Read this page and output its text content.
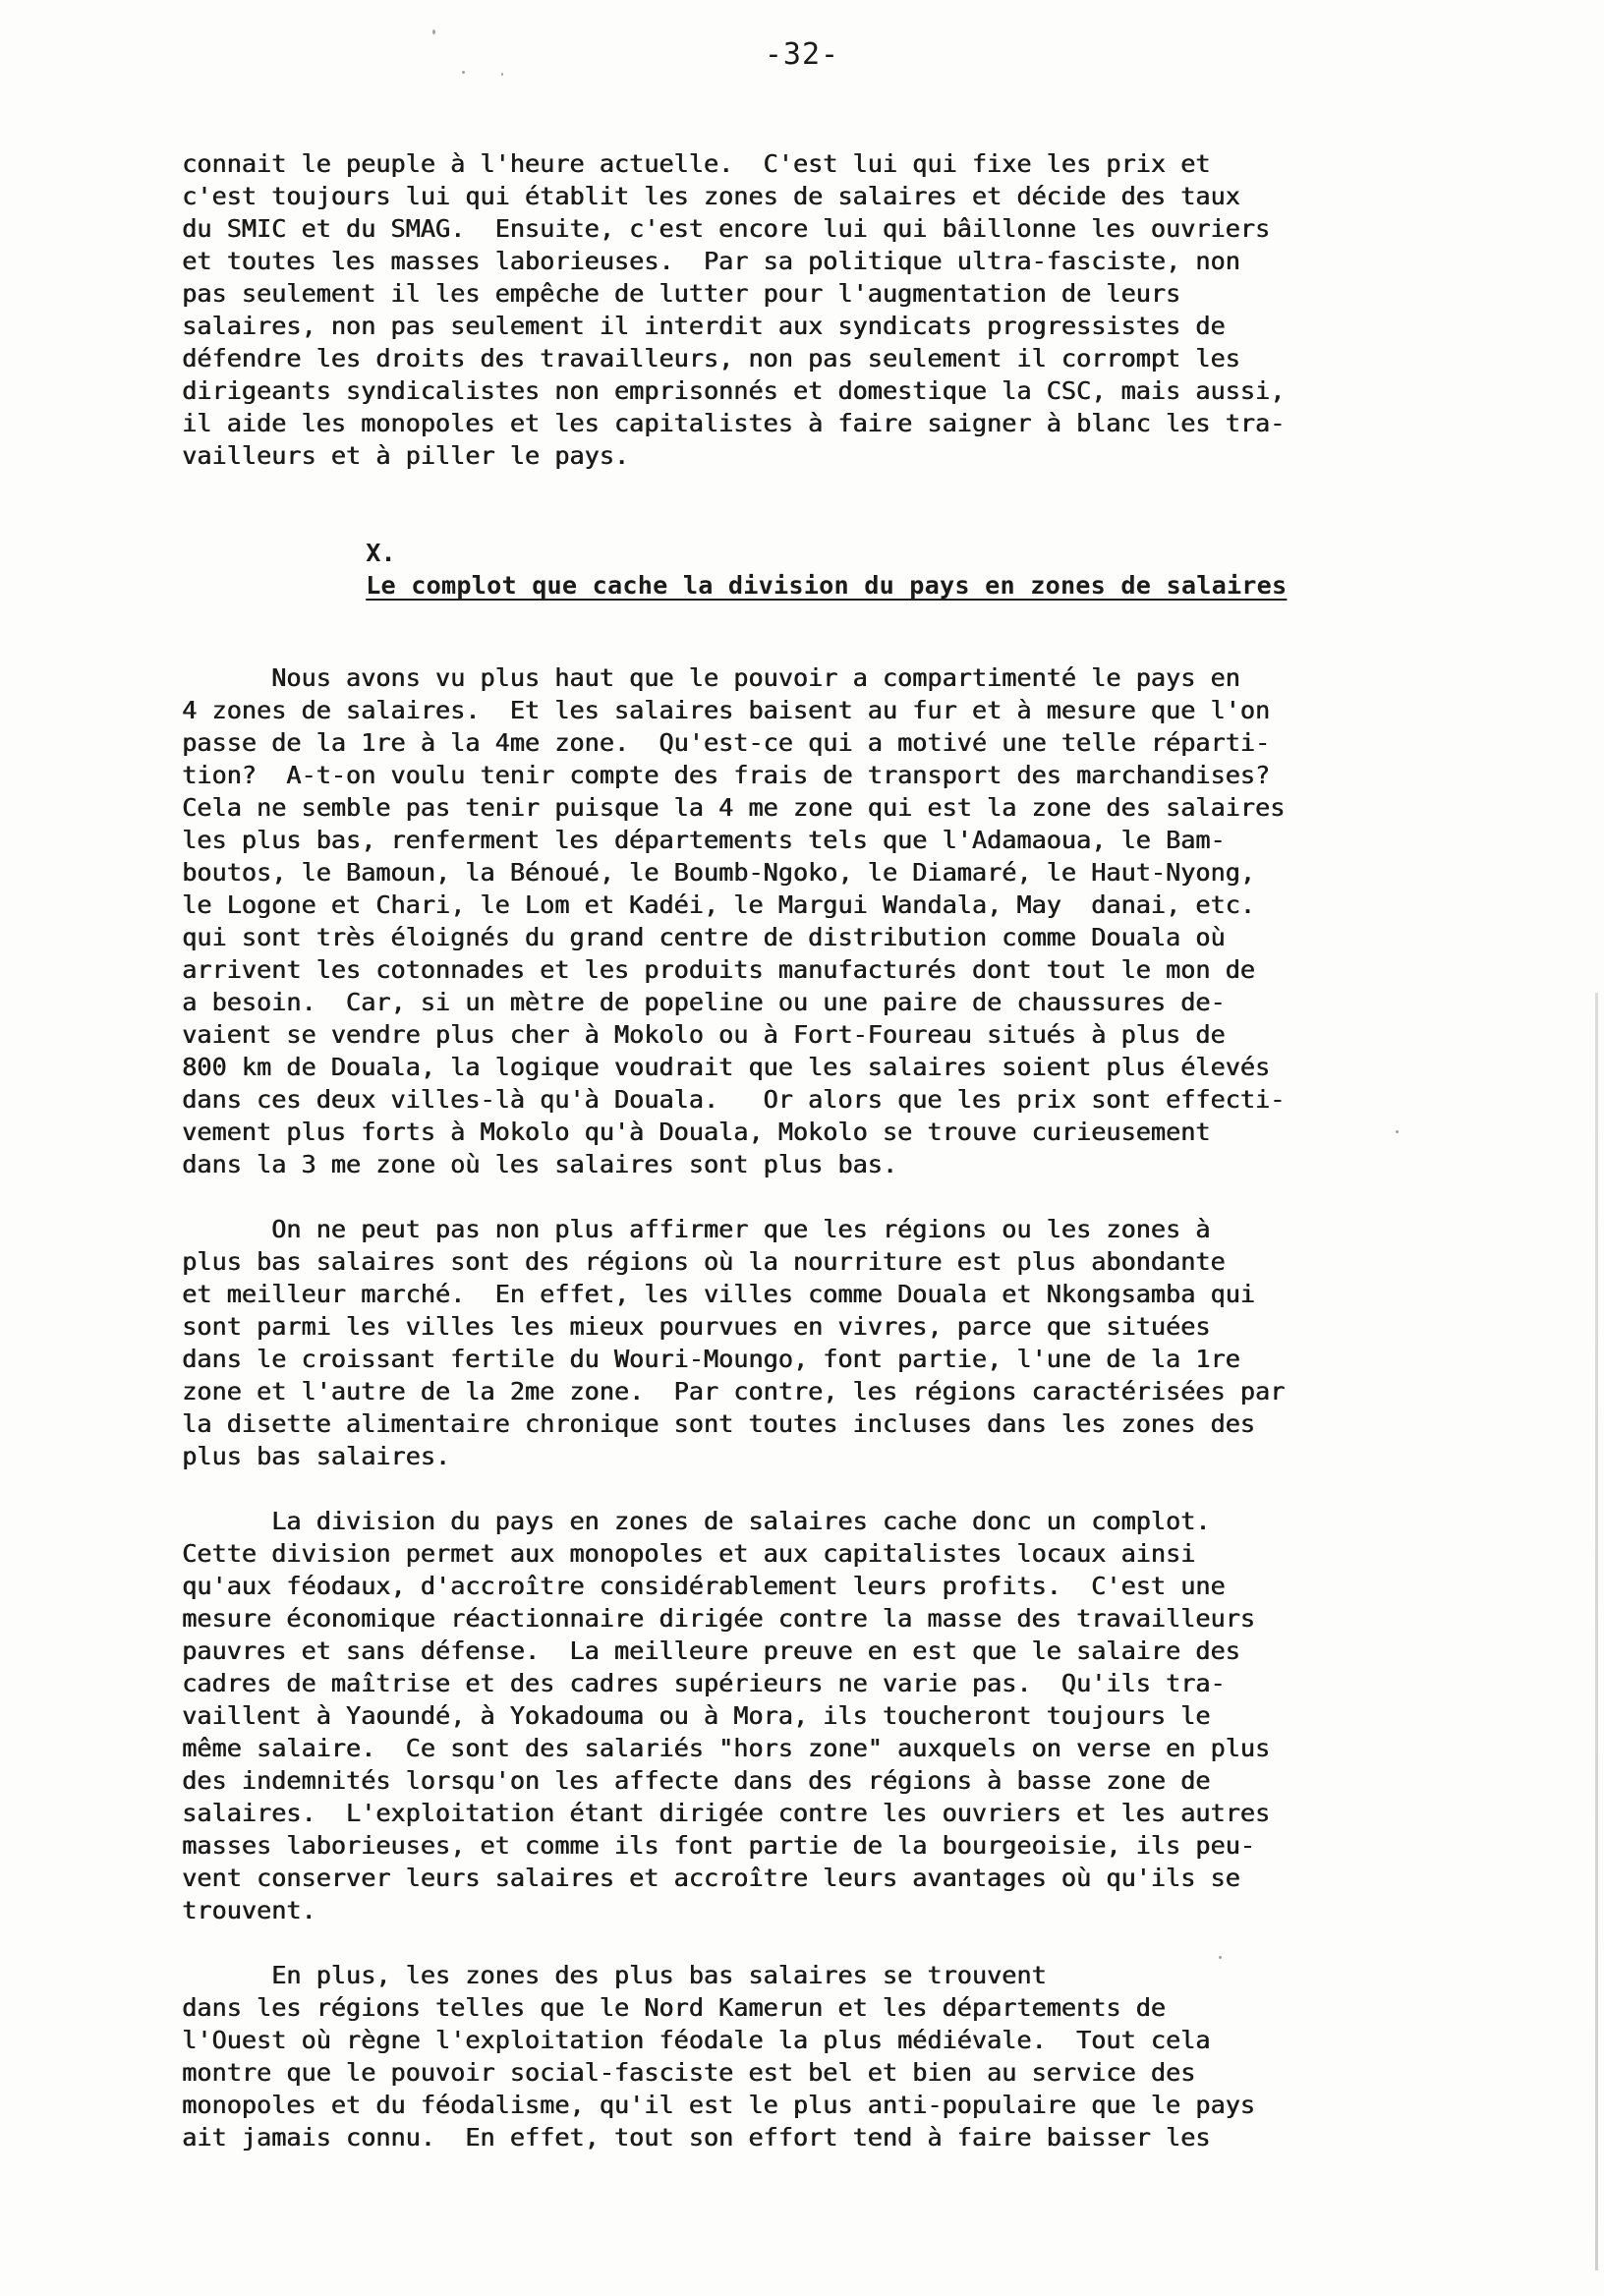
-32-
connait le peuple à l'heure actuelle.  C'est lui qui fixe les prix et
c'est toujours lui qui établit les zones de salaires et décide des taux
du SMIC et du SMAG.  Ensuite, c'est encore lui qui bâillonne les ouvriers
et toutes les masses laborieuses.  Par sa politique ultra-fasciste, non
pas seulement il les empêche de lutter pour l'augmentation de leurs
salaires, non pas seulement il interdit aux syndicats progressistes de
défendre les droits des travailleurs, non pas seulement il corrompt les
dirigeants syndicalistes non emprisonnés et domestique la CSC, mais aussi,
il aide les monopoles et les capitalistes à faire saigner à blanc les tra-
vailleurs et à piller le pays.

X.
Le complot que cache la division du pays en zones de salaires

Nous avons vu plus haut que le pouvoir a compartimenté le pays en
4 zones de salaires.  Et les salaires baisent au fur et à mesure que l'on
passe de la 1re à la 4me zone.  Qu'est-ce qui a motivé une telle réparti-
tion?  A-t-on voulu tenir compte des frais de transport des marchandises?
Cela ne semble pas tenir puisque la 4 me zone qui est la zone des salaires
les plus bas, renferment les départements tels que l'Adamaoua, le Bam-
boutos, le Bamoun, la Bénoué, le Boumb-Ngoko, le Diamaré, le Haut-Nyong,
le Logone et Chari, le Lom et Kadéi, le Margui Wandala, May  danai, etc.
qui sont très éloignés du grand centre de distribution comme Douala où
arrivent les cotonnades et les produits manufacturés dont tout le mon de
a besoin.  Car, si un mètre de popeline ou une paire de chaussures de-
vaient se vendre plus cher à Mokolo ou à Fort-Foureau situés à plus de
800 km de Douala, la logique voudrait que les salaires soient plus élevés
dans ces deux villes-là qu'à Douala.   Or alors que les prix sont effecti-
vement plus forts à Mokolo qu'à Douala, Mokolo se trouve curieusement
dans la 3 me zone où les salaires sont plus bas.
On ne peut pas non plus affirmer que les régions ou les zones à
plus bas salaires sont des régions où la nourriture est plus abondante
et meilleur marché.  En effet, les villes comme Douala et Nkongsamba qui
sont parmi les villes les mieux pourvues en vivres, parce que situées
dans le croissant fertile du Wouri-Moungo, font partie, l'une de la 1re
zone et l'autre de la 2me zone.  Par contre, les régions caractérisées par
la disette alimentaire chronique sont toutes incluses dans les zones des
plus bas salaires.
La division du pays en zones de salaires cache donc un complot.
Cette division permet aux monopoles et aux capitalistes locaux ainsi
qu'aux féodaux, d'accroître considérablement leurs profits.  C'est une
mesure économique réactionnaire dirigée contre la masse des travailleurs
pauvres et sans défense.  La meilleure preuve en est que le salaire des
cadres de maîtrise et des cadres supérieurs ne varie pas.  Qu'ils tra-
vaillent à Yaoundé, à Yokadouma ou à Mora, ils toucheront toujours le
même salaire.  Ce sont des salariés "hors zone" auxquels on verse en plus
des indemnités lorsqu'on les affecte dans des régions à basse zone de
salaires.  L'exploitation étant dirigée contre les ouvriers et les autres
masses laborieuses, et comme ils font partie de la bourgeoisie, ils peu-
vent conserver leurs salaires et accroître leurs avantages où qu'ils se
trouvent.
En plus, les zones des plus bas salaires se trouvent
dans les régions telles que le Nord Kamerun et les départements de
l'Ouest où règne l'exploitation féodale la plus médiévale.  Tout cela
montre que le pouvoir social-fasciste est bel et bien au service des
monopoles et du féodalisme, qu'il est le plus anti-populaire que le pays
ait jamais connu.  En effet, tout son effort tend à faire baisser les
